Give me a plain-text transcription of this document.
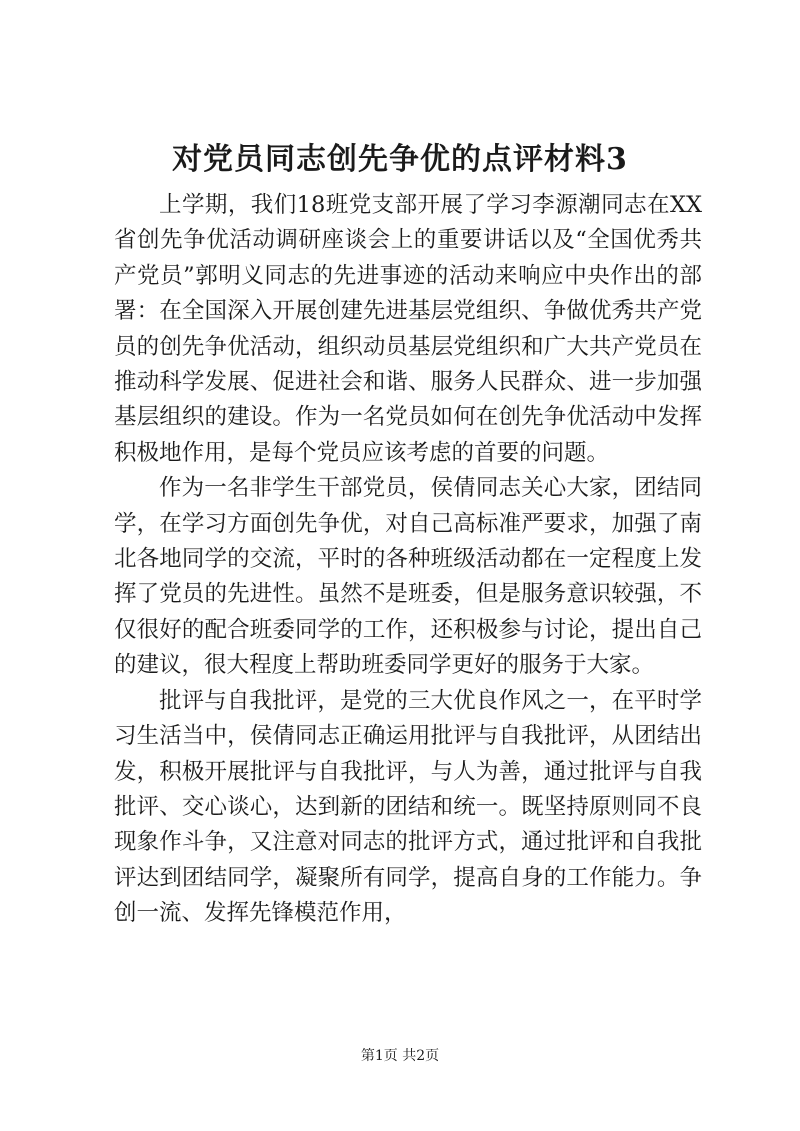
对党员同志创先争优的点评材料3

上学期，我们18班党支部开展了学习李源潮同志在XX省创先争优活动调研座谈会上的重要讲话以及“全国优秀共产党员”郭明义同志的先进事迹的活动来响应中央作出的部署：在全国深入开展创建先进基层党组织、争做优秀共产党员的创先争优活动，组织动员基层党组织和广大共产党员在推动科学发展、促进社会和谐、服务人民群众、进一步加强基层组织的建设。作为一名党员如何在创先争优活动中发挥积极地作用，是每个党员应该考虑的首要的问题。

作为一名非学生干部党员，侯倩同志关心大家，团结同学，在学习方面创先争优，对自己高标准严要求，加强了南北各地同学的交流，平时的各种班级活动都在一定程度上发挥了党员的先进性。虽然不是班委，但是服务意识较强，不仅很好的配合班委同学的工作，还积极参与讨论，提出自己的建议，很大程度上帮助班委同学更好的服务于大家。

批评与自我批评，是党的三大优良作风之一，在平时学习生活当中，侯倩同志正确运用批评与自我批评，从团结出发，积极开展批评与自我批评，与人为善，通过批评与自我批评、交心谈心，达到新的团结和统一。既坚持原则同不良现象作斗争，又注意对同志的批评方式，通过批评和自我批评达到团结同学，凝聚所有同学，提高自身的工作能力。争创一流、发挥先锋模范作用，

第1页 共2页
